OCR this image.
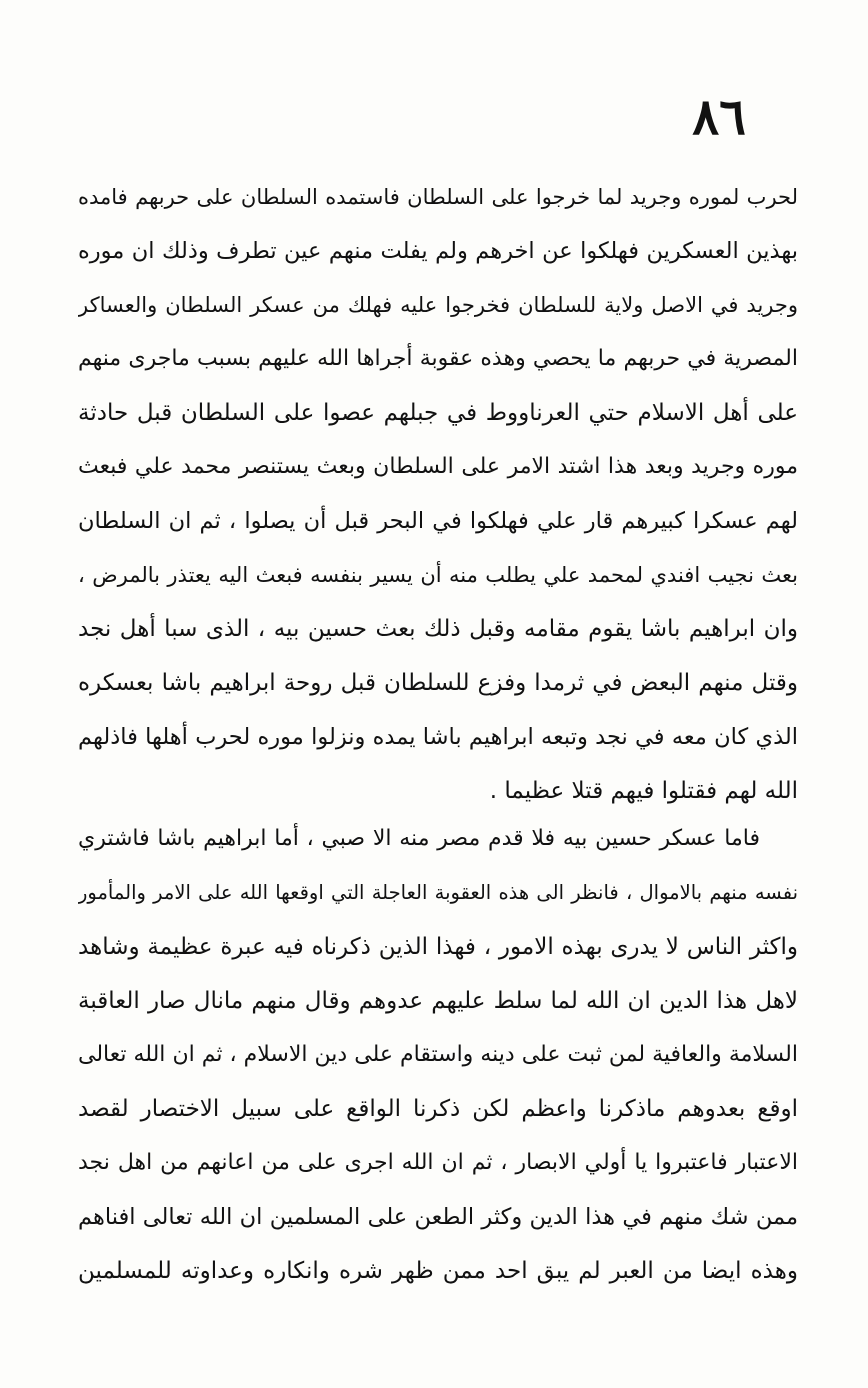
٨٦
لحرب لموره وجريد لما خرجوا على السلطان فاستمده السلطان على حربهم فامده
بهذين العسكرين فهلكوا عن اخرهم ولم يفلت منهم عين تطرف وذلك ان موره
وجريد في الاصل ولاية للسلطان فخرجوا عليه فهلك من عسكر السلطان والعساكر
المصرية في حربهم ما يحصي وهذه عقوبة أجراها الله عليهم بسبب ماجرى منهم
على أهل الاسلام حتي العرناووط في جبلهم عصوا على السلطان قبل حادثة
موره وجريد وبعد هذا اشتد الامر على السلطان وبعث يستنصر محمد علي فبعث
لهم عسكرا كبيرهم قار علي فهلكوا في البحر قبل أن يصلوا ، ثم ان السلطان
بعث نجيب افندي لمحمد علي يطلب منه أن يسير بنفسه فبعث اليه يعتذر بالمرض ،
وان ابراهيم باشا يقوم مقامه وقبل ذلك بعث حسين بيه ، الذى سبا أهل نجد
وقتل منهم البعض في ثرمدا وفزع للسلطان قبل روحة ابراهيم باشا بعسكره
الذي كان معه في نجد وتبعه ابراهيم باشا يمده ونزلوا موره لحرب أهلها فاذلهم
الله لهم فقتلوا فيهم قتلا عظيما .
فاما عسكر حسين بيه فلا قدم مصر منه الا صبي ، أما ابراهيم باشا فاشتري
نفسه منهم بالاموال ، فانظر الى هذه العقوبة العاجلة التي اوقعها الله على الامر والمأمور
واكثر الناس لا يدرى بهذه الامور ، فهذا الذين ذكرناه فيه عبرة عظيمة وشاهد
لاهل هذا الدين ان الله لما سلط عليهم عدوهم وقال منهم مانال صار العاقبة
السلامة والعافية لمن ثبت على دينه واستقام على دين الاسلام ، ثم ان الله تعالى
اوقع بعدوهم ماذكرنا واعظم لكن ذكرنا الواقع على سبيل الاختصار لقصد
الاعتبار فاعتبروا يا أولي الابصار ، ثم ان الله اجرى على من اعانهم من اهل نجد
ممن شك منهم في هذا الدين وكثر الطعن على المسلمين ان الله تعالى افناهم
وهذه ايضا من العبر لم يبق احد ممن ظهر شره وانكاره وعداوته للمسلمين
